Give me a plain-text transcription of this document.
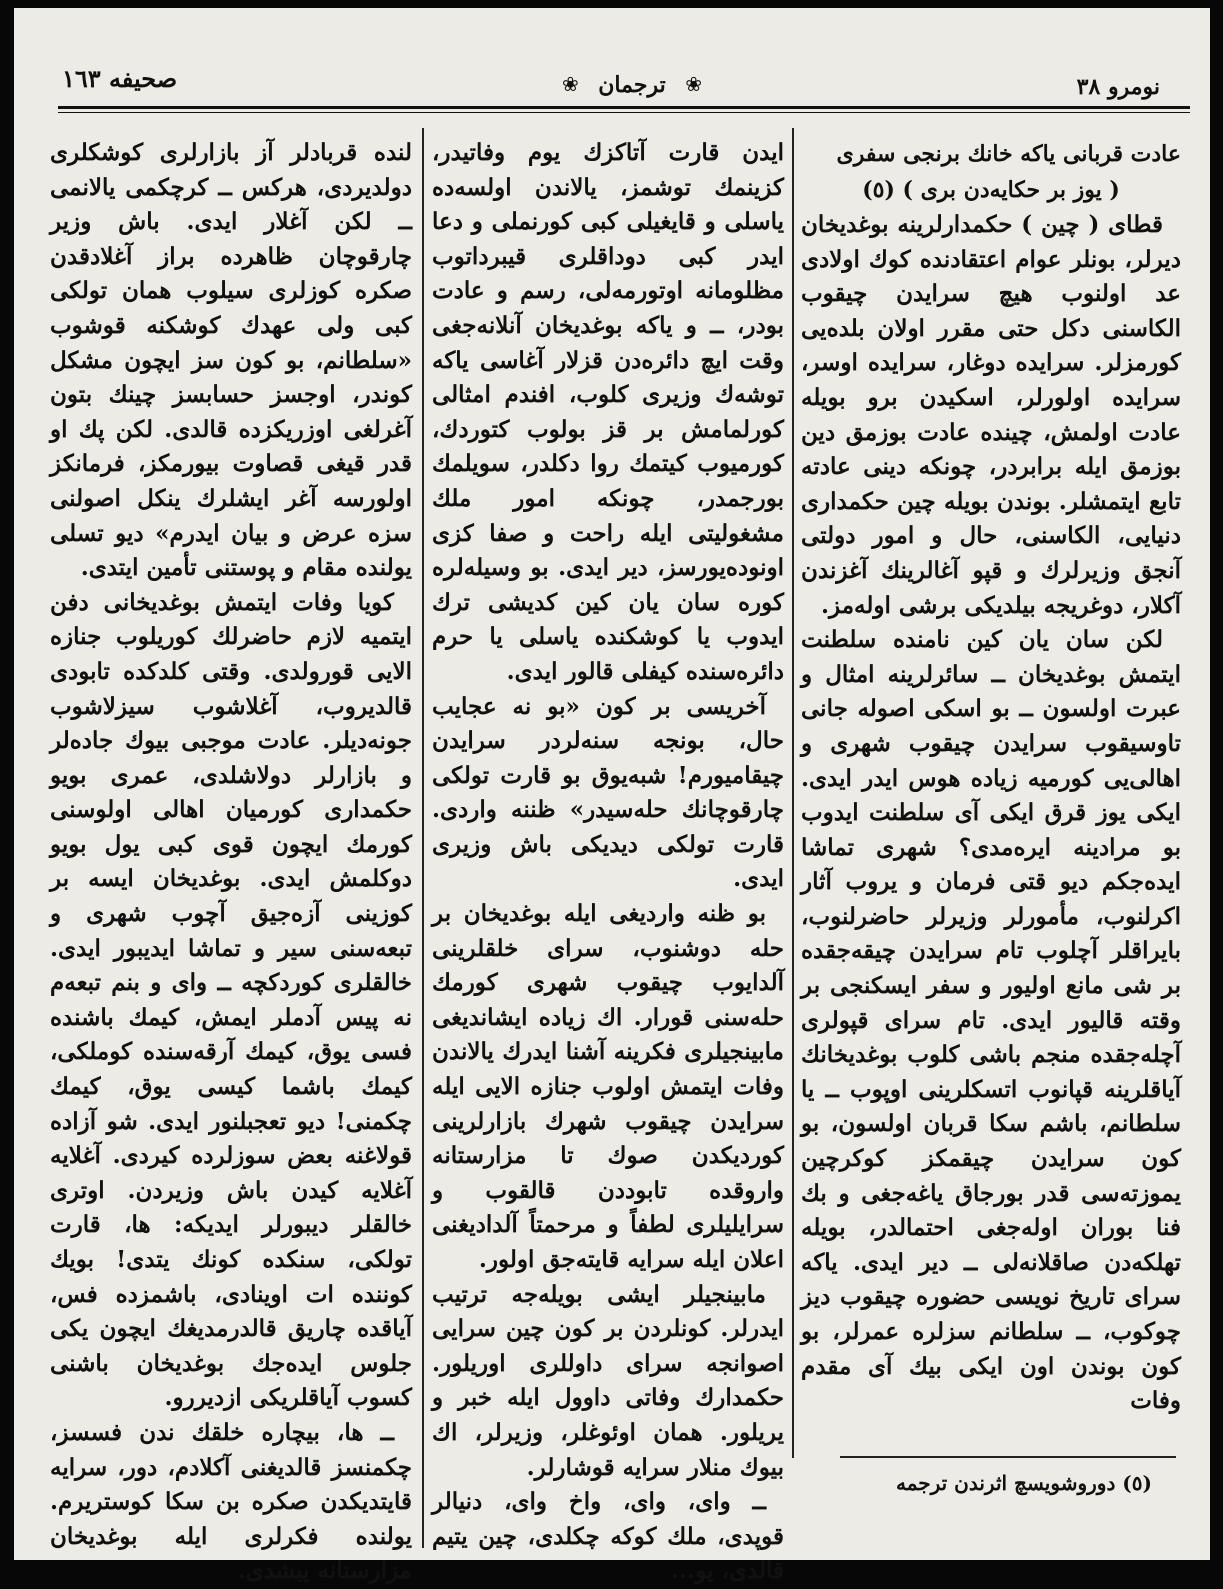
صحیفه ١٦٣	❀ ترجمان ❀	نومرو ٣٨

عادت قربانی یاکه خانك برنجی سفری

( یوز بر حکایه‌دن بری ) (٥)

قطای ( چین ) حکمدارلرینه بوغدیخان دیرلر، بونلر عوام اعتقادنده کوك اولادی عد اولنوب هیچ سرایدن چیقوب الکاسنی دکل حتی مقرر اولان بلده‌یی کورمزلر. سرایده دوغار، سرایده اوسر، سرایده اولورلر، اسکیدن برو بویله عادت اولمش، چینده عادت بوزمق دین بوزمق ایله برابردر، چونکه دینی عادته تابع ایتمشلر. بوندن بویله چین حکمداری دنیایی، الکاسنی، حال و امور دولتی آنجق وزیرلرك و قپو آغالرینك آغزندن آکلار، دوغریجه بیلدیکی برشی اوله‌مز.

لکن سان یان کین نامنده سلطنت ایتمش بوغدیخان ــ سائرلرینه امثال و عبرت اولسون ــ بو اسکی اصوله جانی تاوسیقوب سرایدن چیقوب شهری و اهالی‌یی کورمیه زیاده هوس ایدر ایدی. ایکی یوز قرق ایکی آی سلطنت ایدوب بو مرادینه ایره‌مدی؟ شهری تماشا ایده‌جکم دیو قتی فرمان و یروب آثار اکرلنوب، مأمورلر وزیرلر حاضرلنوب، بایراقلر آچلوب تام سرایدن چیقه‌جقده بر شی مانع اولیور و سفر ایسکنجی بر وقته قالیور ایدی. تام سرای قپولری آچله‌جقده منجم باشی کلوب بوغدیخانك آیاقلرینه قپانوب اتسکلرینی اوپوب ــ یا سلطانم، باشم سکا قربان اولسون، بو کون سرایدن چیقمکز کوکرچین یموزته‌سی قدر بورجاق یاغه‌جغی و بك فنا بوران اوله‌جغی احتمالدر، بویله تهلکه‌دن صاقلانه‌لی ــ دیر ایدی. یاکه سرای تاریخ نویسی حضوره چیقوب دیز چوکوب، ــ سلطانم سزلره عمرلر، بو کون بوندن اون ایکی بیك آی مقدم وفات

ایدن قارت آتاکزك یوم وفاتیدر، کزینمك توشمز، یالاندن اولسه‌ده یاسلی و قایغیلی کبی کورنملی و دعا ایدر کبی دوداقلری قیبرداتوب مظلومانه اوتورمه‌لی، رسم و عادت بودر، ــ و یاکه بوغدیخان آنلانه‌جغی وقت ایچ دائره‌دن قزلار آغاسی یاکه توشه‌ك وزیری کلوب، افندم امثالی کورلمامش بر قز بولوب کتوردك، کورمیوب کیتمك روا دکلدر، سویلمك بورجمدر، چونکه امور ملك مشغولیتی ایله راحت و صفا کزی اونوده‌یورسز، دیر ایدی. بو وسیله‌لره کوره سان یان کین کدیشی ترك ایدوب یا کوشکنده یاسلی یا حرم دائره‌سنده کیفلی قالور ایدی.

آخریسی بر کون «بو نه عجایب حال، بونجه سنه‌لردر سرایدن چیقامیورم! شبه‌یوق بو قارت تولکی چارقوچانك حله‌سیدر» ظننه واردی. قارت تولکی دیدیکی باش وزیری ایدی.

بو ظنه واردیغی ایله بوغدیخان بر حله دوشنوب، سرای خلقلرینی آلدایوب چیقوب شهری کورمك حله‌سنی قورار. اك زیاده ایشاندیغی مابینجیلری فکرینه آشنا ایدرك یالاندن وفات ایتمش اولوب جنازه الایی ایله سرایدن چیقوب شهرك بازارلرینی کوردیکدن صوك تا مزارستانه واروقده تابوددن قالقوب و سرایلیلری لطفاً و مرحمتاً آلدادیغنی اعلان ایله سرایه قایته‌جق اولور.

مابینجیلر ایشی بویله‌جه ترتیب ایدرلر. کونلردن بر کون چین سرایی اصوانجه سرای داوللری اوریلور. حکمدارك وفاتی داوول ایله خبر و یریلور. همان اوئوغلر، وزیرلر، اك بیوك منلار سرایه قوشارلر.

ــ وای، وای، واخ وای، دنیالر قوپدی، ملك کوکه چکلدی، چین یتیم قالدی، یو...

لنده قربادلر آز بازارلری کوشکلری دولدیردی، هرکس ــ کرچکمی یالانمی ــ لکن آغلار ایدی. باش وزیر چارقوچان ظاهرده براز آغلادقدن صکره کوزلری سیلوب همان تولکی کبی ولی عهدك کوشکنه قوشوب «سلطانم، بو کون سز ایچون مشکل کوندر، اوجسز حسابسز چینك بتون آغرلغی اوزریکزده قالدی. لکن پك او قدر قیغی قصاوت بیورمکز، فرمانکز اولورسه آغر ایشلرك ینکل اصولنی سزه عرض و بیان ایدرم» دیو تسلی یولنده مقام و پوستنی تأمین ایتدی.

کویا وفات ایتمش بوغدیخانی دفن ایتمیه لازم حاضرلك کوریلوب جنازه الایی قورولدی. وقتی کلدکده تابودی قالدیروب، آغلاشوب سیزلاشوب جونه‌دیلر. عادت موجبی بیوك جاده‌لر و بازارلر دولاشلدی، عمری بویو حکمداری کورمیان اهالی اولوسنی کورمك ایچون قوی کبی یول بویو دوکلمش ایدی. بوغدیخان ایسه بر کوزینی آزه‌جیق آچوب شهری و تبعه‌سنی سیر و تماشا ایدیبور ایدی. خالقلری کوردکچه ــ وای و بنم تبعه‌م نه پیس آدملر ایمش، کیمك باشنده فسی یوق، کیمك آرقه‌سنده کوملکی، کیمك باشما کیسی یوق، کیمك چکمنی! دیو تعجبلنور ایدی. شو آزاده قولاغنه بعض سوزلرده کیردی. آغلایه آغلایه کیدن باش وزیردن. اوتری خالقلر دیبورلر ایدیکه: ها، قارت تولکی، سنکده کونك یتدی! بویك کوننده ات اوینادی، باشمزده فس، آیاقده چاریق قالدرمدیغك ایچون یکی جلوس ایده‌جك بوغدیخان باشنی کسوب آیاقلریکی ازدیررو.

ــ ها، بیچاره خلقك ندن فسسز، چکمنسز قالدیغنی آکلادم، دور، سرایه قایتدیکدن صکره بن سکا کوستریرم. یولنده فکرلری ایله بوغدیخان مزارستانه ییشدی.

(٥) دوروشویسچ اثرندن ترجمه
